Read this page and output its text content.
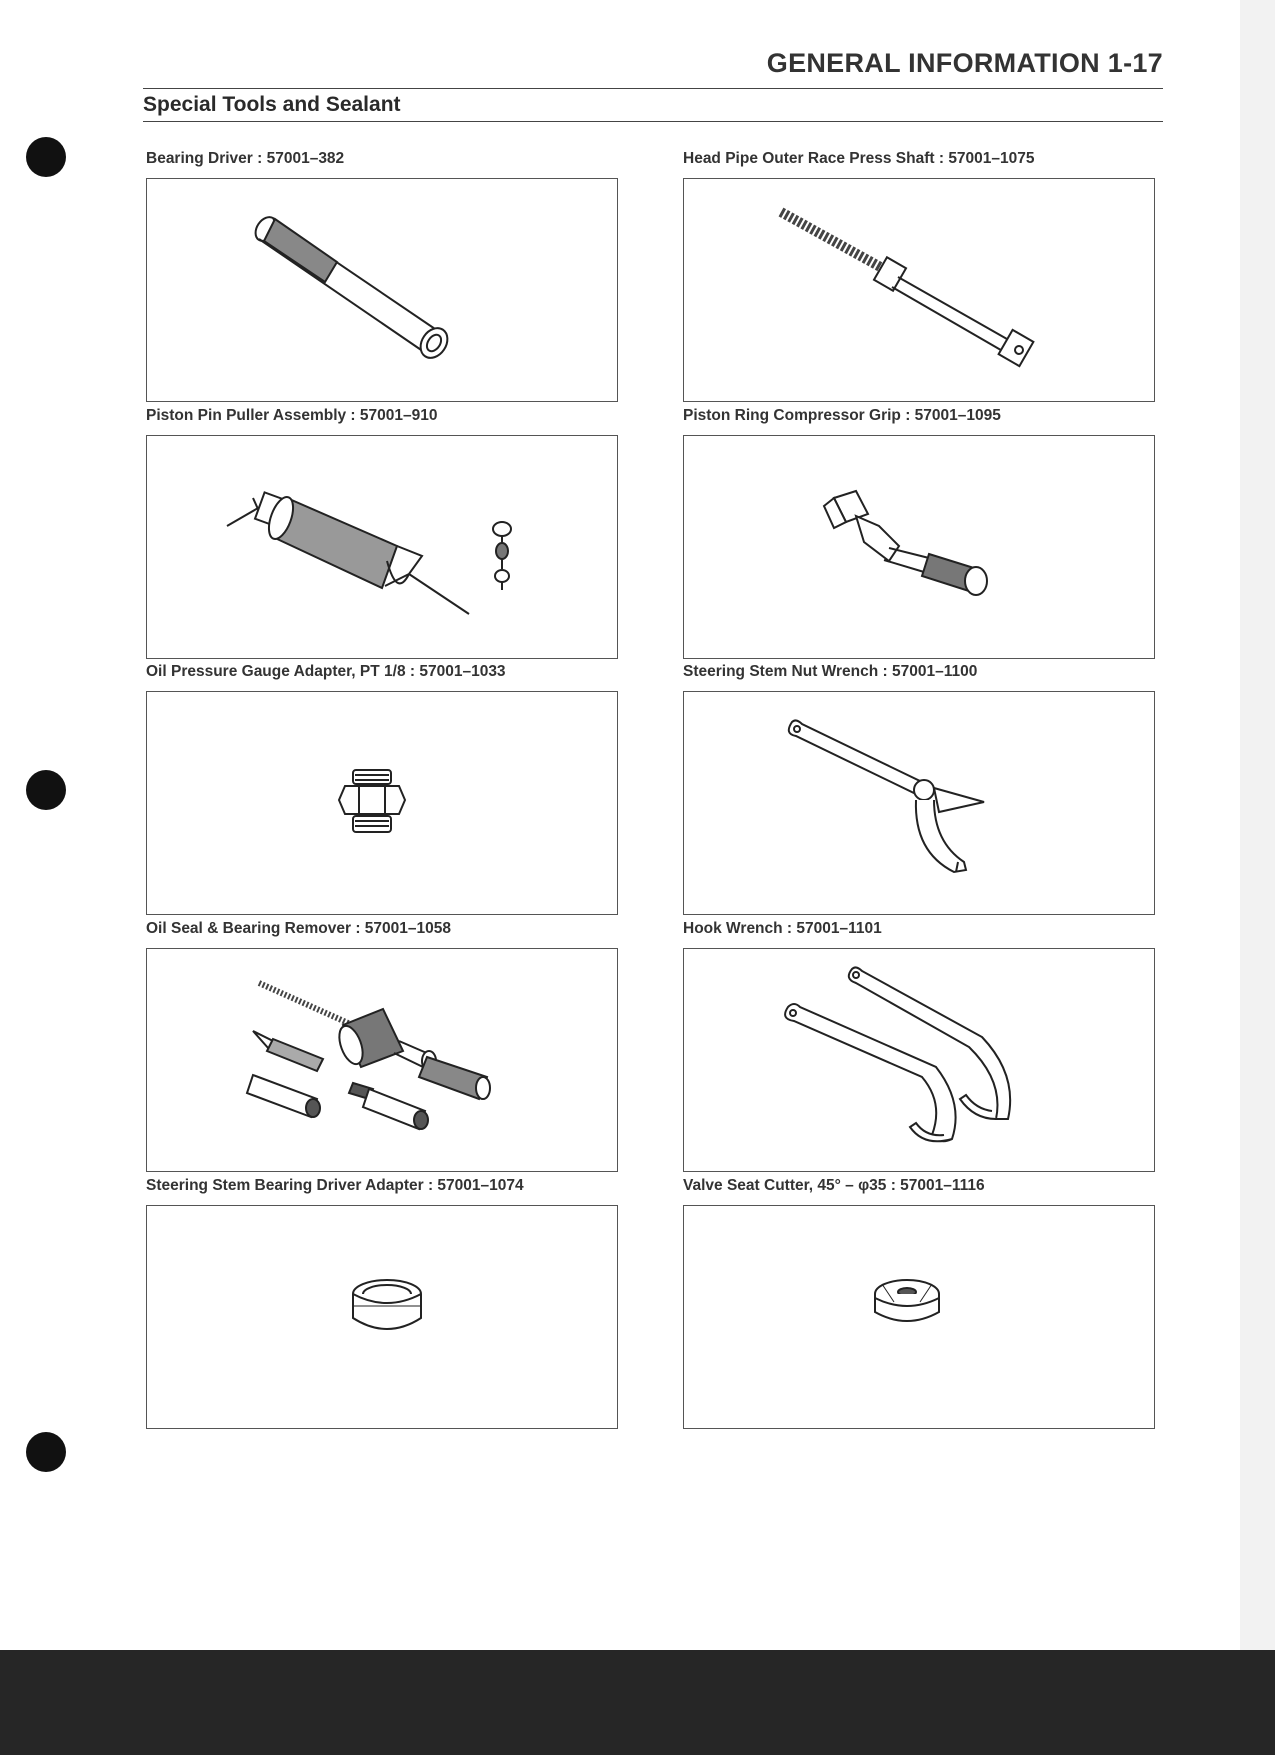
GENERAL INFORMATION 1-17
Special Tools and Sealant
Bearing Driver : 57001–382	Head Pipe Outer Race Press Shaft : 57001–1075
Piston Pin Puller Assembly : 57001–910	Piston Ring Compressor Grip : 57001–1095
Oil Pressure Gauge Adapter, PT 1/8 : 57001–1033	Steering Stem Nut Wrench : 57001–1100
Oil Seal & Bearing Remover : 57001–1058	Hook Wrench : 57001–1101
Steering Stem Bearing Driver Adapter : 57001–1074	Valve Seat Cutter, 45° – φ35 : 57001–1116
